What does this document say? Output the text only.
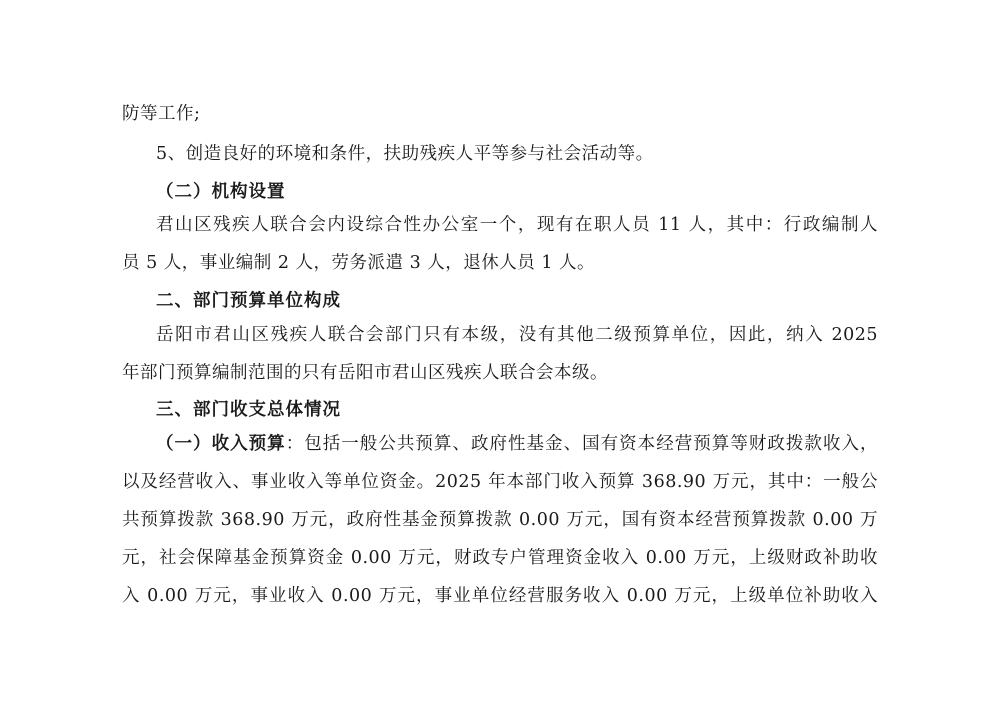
防等工作;
5、创造良好的环境和条件，扶助残疾人平等参与社会活动等。
（二）机构设置
君山区残疾人联合会内设综合性办公室一个，现有在职人员 11 人，其中：行政编制人
员 5 人，事业编制 2 人，劳务派遣 3 人，退休人员 1 人。
二、部门预算单位构成
岳阳市君山区残疾人联合会部门只有本级，没有其他二级预算单位，因此，纳入 2025
年部门预算编制范围的只有岳阳市君山区残疾人联合会本级。
三、部门收支总体情况
（一）收入预算：包括一般公共预算、政府性基金、国有资本经营预算等财政拨款收入，
以及经营收入、事业收入等单位资金。2025 年本部门收入预算 368.90 万元，其中：一般公
共预算拨款 368.90 万元，政府性基金预算拨款 0.00 万元，国有资本经营预算拨款 0.00 万
元，社会保障基金预算资金 0.00 万元，财政专户管理资金收入 0.00 万元，上级财政补助收
入 0.00 万元，事业收入 0.00 万元，事业单位经营服务收入 0.00 万元，上级单位补助收入
